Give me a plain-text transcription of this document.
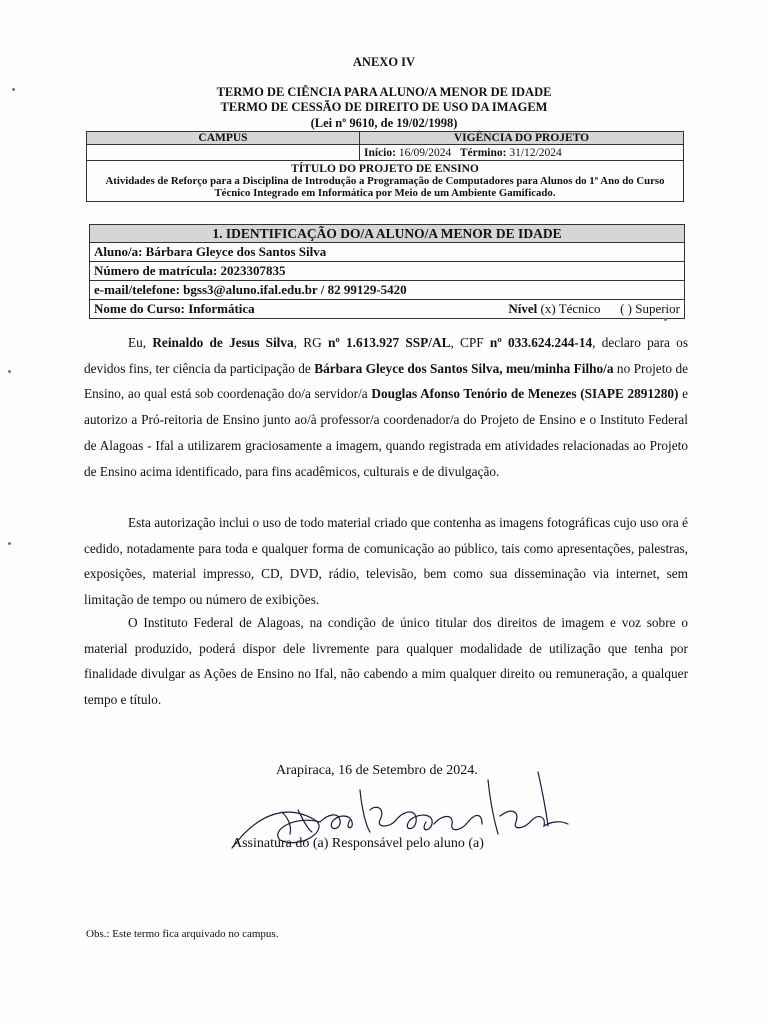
ANEXO IV
TERMO DE CIÊNCIA PARA ALUNO/A MENOR DE IDADE
TERMO DE CESSÃO DE DIREITO DE USO DA IMAGEM
(Lei nº 9610, de 19/02/1998)
CAMPUS	VIGÊNCIA DO PROJETO
	Início: 16/09/2024 Término: 31/12/2024

TÍTULO DO PROJETO DE ENSINO
Atividades de Reforço para a Disciplina de Introdução a Programação de Computadores para Alunos do 1º Ano do Curso Técnico Integrado em Informática por Meio de um Ambiente Gamificado.	
1. IDENTIFICAÇÃO DO/A ALUNO/A MENOR DE IDADE
Aluno/a: Bárbara Gleyce dos Santos Silva
Número de matrícula: 2023307835
e-mail/telefone: bgss3@aluno.ifal.edu.br / 82 99129-5420
Nome do Curso: Informática	Nível (x) Técnico ( ) Superior

Eu, Reinaldo de Jesus Silva, RG nº 1.613.927 SSP/AL, CPF nº 033.624.244-14, declaro para os devidos fins, ter ciência da participação de Bárbara Gleyce dos Santos Silva, meu/minha Filho/a no Projeto de Ensino, ao qual está sob coordenação do/a servidor/a Douglas Afonso Tenório de Menezes (SIAPE 2891280) e autorizo a Pró-reitoria de Ensino junto ao/à professor/a coordenador/a do Projeto de Ensino e o Instituto Federal de Alagoas - Ifal a utilizarem graciosamente a imagem, quando registrada em atividades relacionadas ao Projeto de Ensino acima identificado, para fins acadêmicos, culturais e de divulgação.

Esta autorização inclui o uso de todo material criado que contenha as imagens fotográficas cujo uso ora é cedido, notadamente para toda e qualquer forma de comunicação ao público, tais como apresentações, palestras, exposições, material impresso, CD, DVD, rádio, televisão, bem como sua disseminação via internet, sem limitação de tempo ou número de exibições.

O Instituto Federal de Alagoas, na condição de único titular dos direitos de imagem e voz sobre o material produzido, poderá dispor dele livremente para qualquer modalidade de utilização que tenha por finalidade divulgar as Ações de Ensino no Ifal, não cabendo a mim qualquer direito ou remuneração, a qualquer tempo e título.

Arapiraca, 16 de Setembro de 2024.
Assinatura do (a) Responsável pelo aluno (a)
Obs.: Este termo fica arquivado no campus.
